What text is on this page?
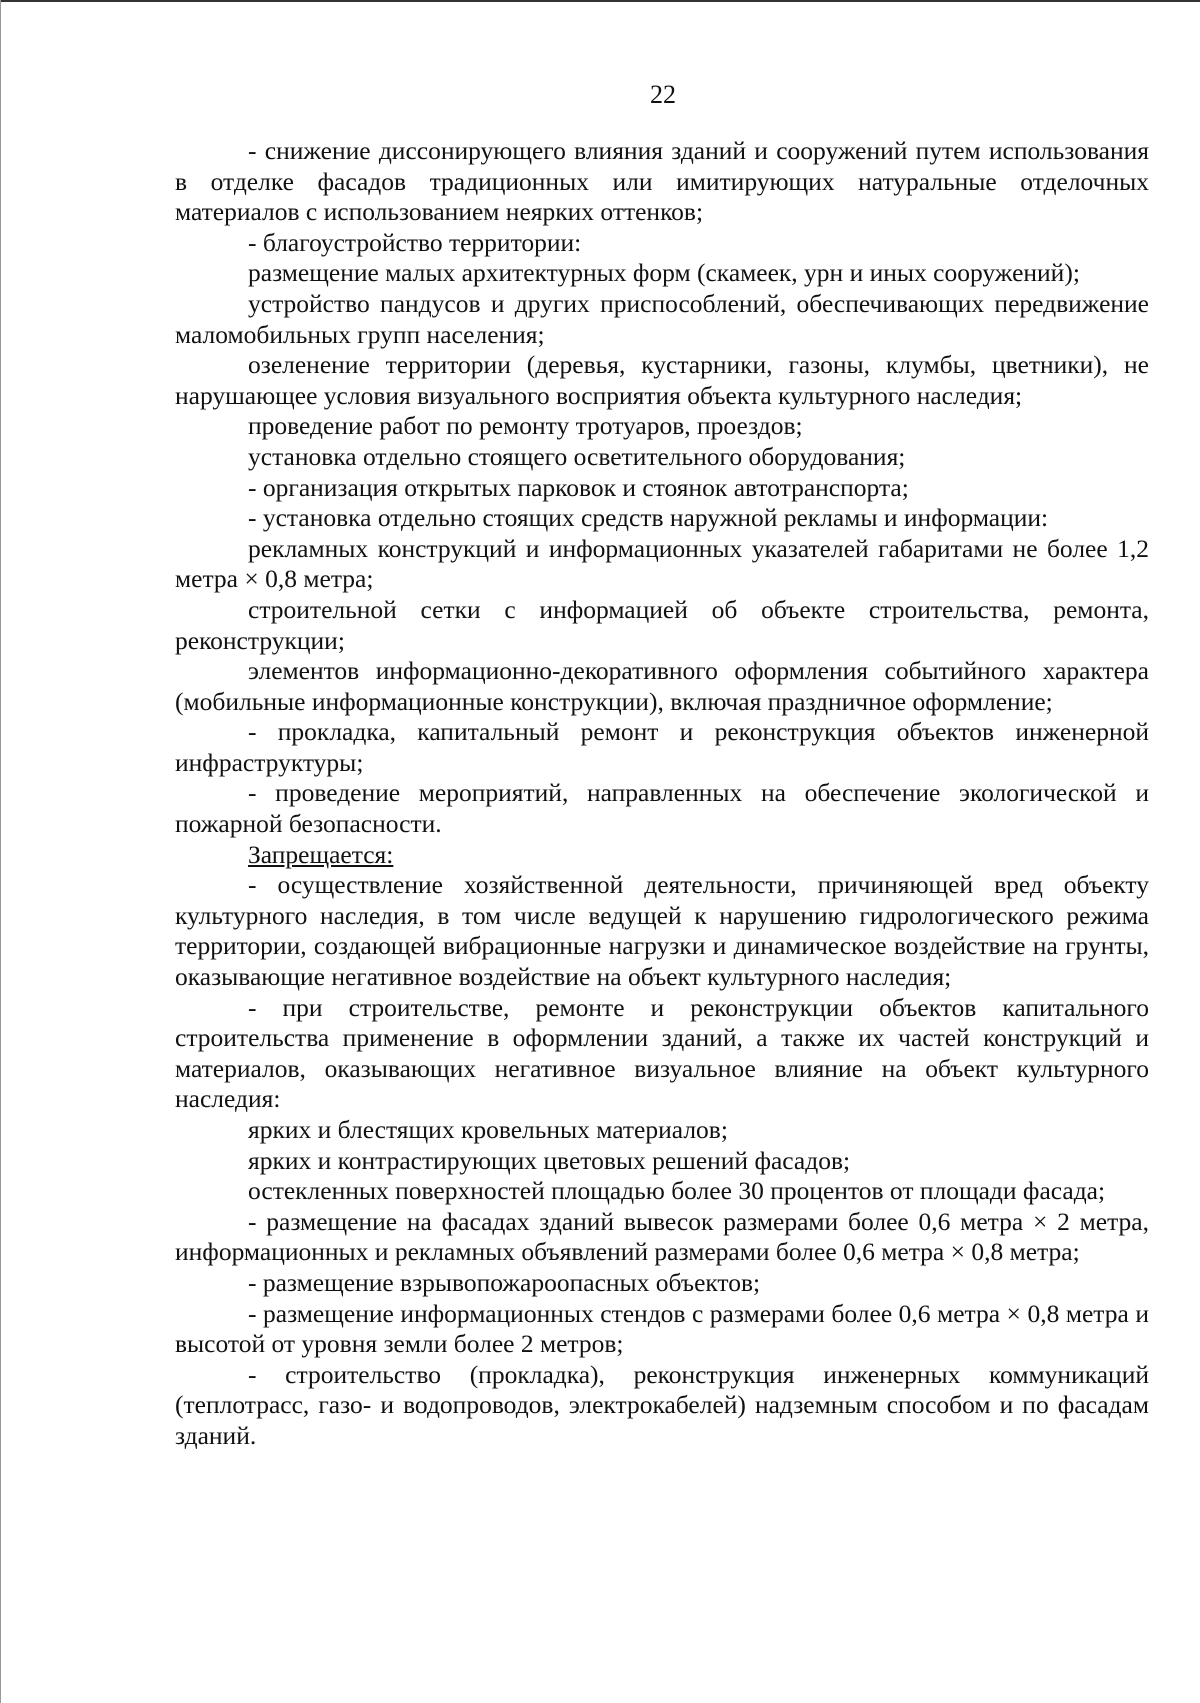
22

- снижение диссонирующего влияния зданий и сооружений путем использования в отделке фасадов традиционных или имитирующих натуральные отделочных материалов с использованием неярких оттенков;

- благоустройство территории:

размещение малых архитектурных форм (скамеек, урн и иных сооружений);

устройство пандусов и других приспособлений, обеспечивающих передвижение маломобильных групп населения;

озеленение территории (деревья, кустарники, газоны, клумбы, цветники), не нарушающее условия визуального восприятия объекта культурного наследия;

проведение работ по ремонту тротуаров, проездов;

установка отдельно стоящего осветительного оборудования;

- организация открытых парковок и стоянок автотранспорта;

- установка отдельно стоящих средств наружной рекламы и информации:

рекламных конструкций и информационных указателей габаритами не более 1,2 метра × 0,8 метра;

строительной сетки с информацией об объекте строительства, ремонта, реконструкции;

элементов информационно-декоративного оформления событийного характера (мобильные информационные конструкции), включая праздничное оформление;

- прокладка, капитальный ремонт и реконструкция объектов инженерной инфраструктуры;

- проведение мероприятий, направленных на обеспечение экологической и пожарной безопасности.

Запрещается:

- осуществление хозяйственной деятельности, причиняющей вред объекту культурного наследия, в том числе ведущей к нарушению гидрологического режима территории, создающей вибрационные нагрузки и динамическое воздействие на грунты, оказывающие негативное воздействие на объект культурного наследия;

- при строительстве, ремонте и реконструкции объектов капитального строительства применение в оформлении зданий, а также их частей конструкций и материалов, оказывающих негативное визуальное влияние на объект культурного наследия:

ярких и блестящих кровельных материалов;

ярких и контрастирующих цветовых решений фасадов;

остекленных поверхностей площадью более 30 процентов от площади фасада;

- размещение на фасадах зданий вывесок размерами более 0,6 метра × 2 метра, информационных и рекламных объявлений размерами более 0,6 метра × 0,8 метра;

- размещение взрывопожароопасных объектов;

- размещение информационных стендов с размерами более 0,6 метра × 0,8 метра и высотой от уровня земли более 2 метров;

- строительство (прокладка), реконструкция инженерных коммуникаций (теплотрасс, газо- и водопроводов, электрокабелей) надземным способом и по фасадам зданий.
